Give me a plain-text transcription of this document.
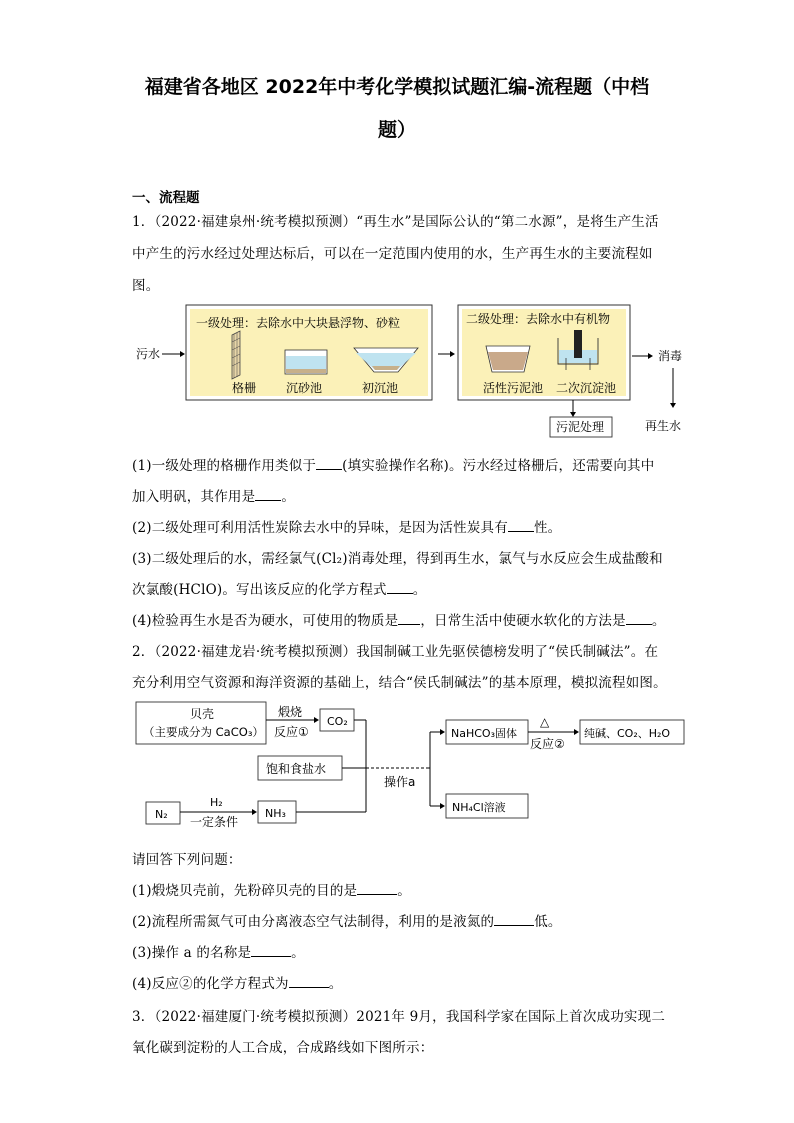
福建省各地区 2022年中考化学模拟试题汇编-流程题（中档
题）
一、流程题
1．（2022·福建泉州·统考模拟预测）“再生水”是国际公认的“第二水源”，是将生产生活
中产生的污水经过处理达标后，可以在一定范围内使用的水，生产再生水的主要流程如
图。
污水
一级处理：去除水中大块悬浮物、砂粒
格栅 沉砂池	初沉池
二级处理：去除水中有机物
活性污泥池 二次沉淀池
污泥处理
消毒
再生水
(1)一级处理的格栅作用类似于 (填实验操作名称)。污水经过格栅后，还需要向其中
加入明矾，其作用是 。
(2)二级处理可利用活性炭除去水中的异味，是因为活性炭具有 性。
(3)二级处理后的水，需经氯气(Cl₂)消毒处理，得到再生水，氯气与水反应会生成盐酸和
次氯酸(HClO)。写出该反应的化学方程式 。
(4)检验再生水是否为硬水，可使用的物质是 ，日常生活中使硬水软化的方法是 。
2．（2022·福建龙岩·统考模拟预测）我国制碱工业先驱侯德榜发明了“侯氏制碱法”。在
充分利用空气资源和海洋资源的基础上，结合“侯氏制碱法”的基本原理，模拟流程如图。
贝壳
（主要成分为 CaCO₃）
煅烧
反应①
CO₂
饱和食盐水
N₂
H₂
一定条件
NH₃
操作a
NaHCO₃固体
△
反应②
纯碱、CO₂、H₂O
NH₄Cl溶液
请回答下列问题：
(1)煅烧贝壳前，先粉碎贝壳的目的是	。
(2)流程所需氮气可由分离液态空气法制得，利用的是液氮的	低。
(3)操作 a 的名称是	。
(4)反应②的化学方程式为	。
3．（2022·福建厦门·统考模拟预测）2021年 9月，我国科学家在国际上首次成功实现二
氧化碳到淀粉的人工合成，合成路线如下图所示：
